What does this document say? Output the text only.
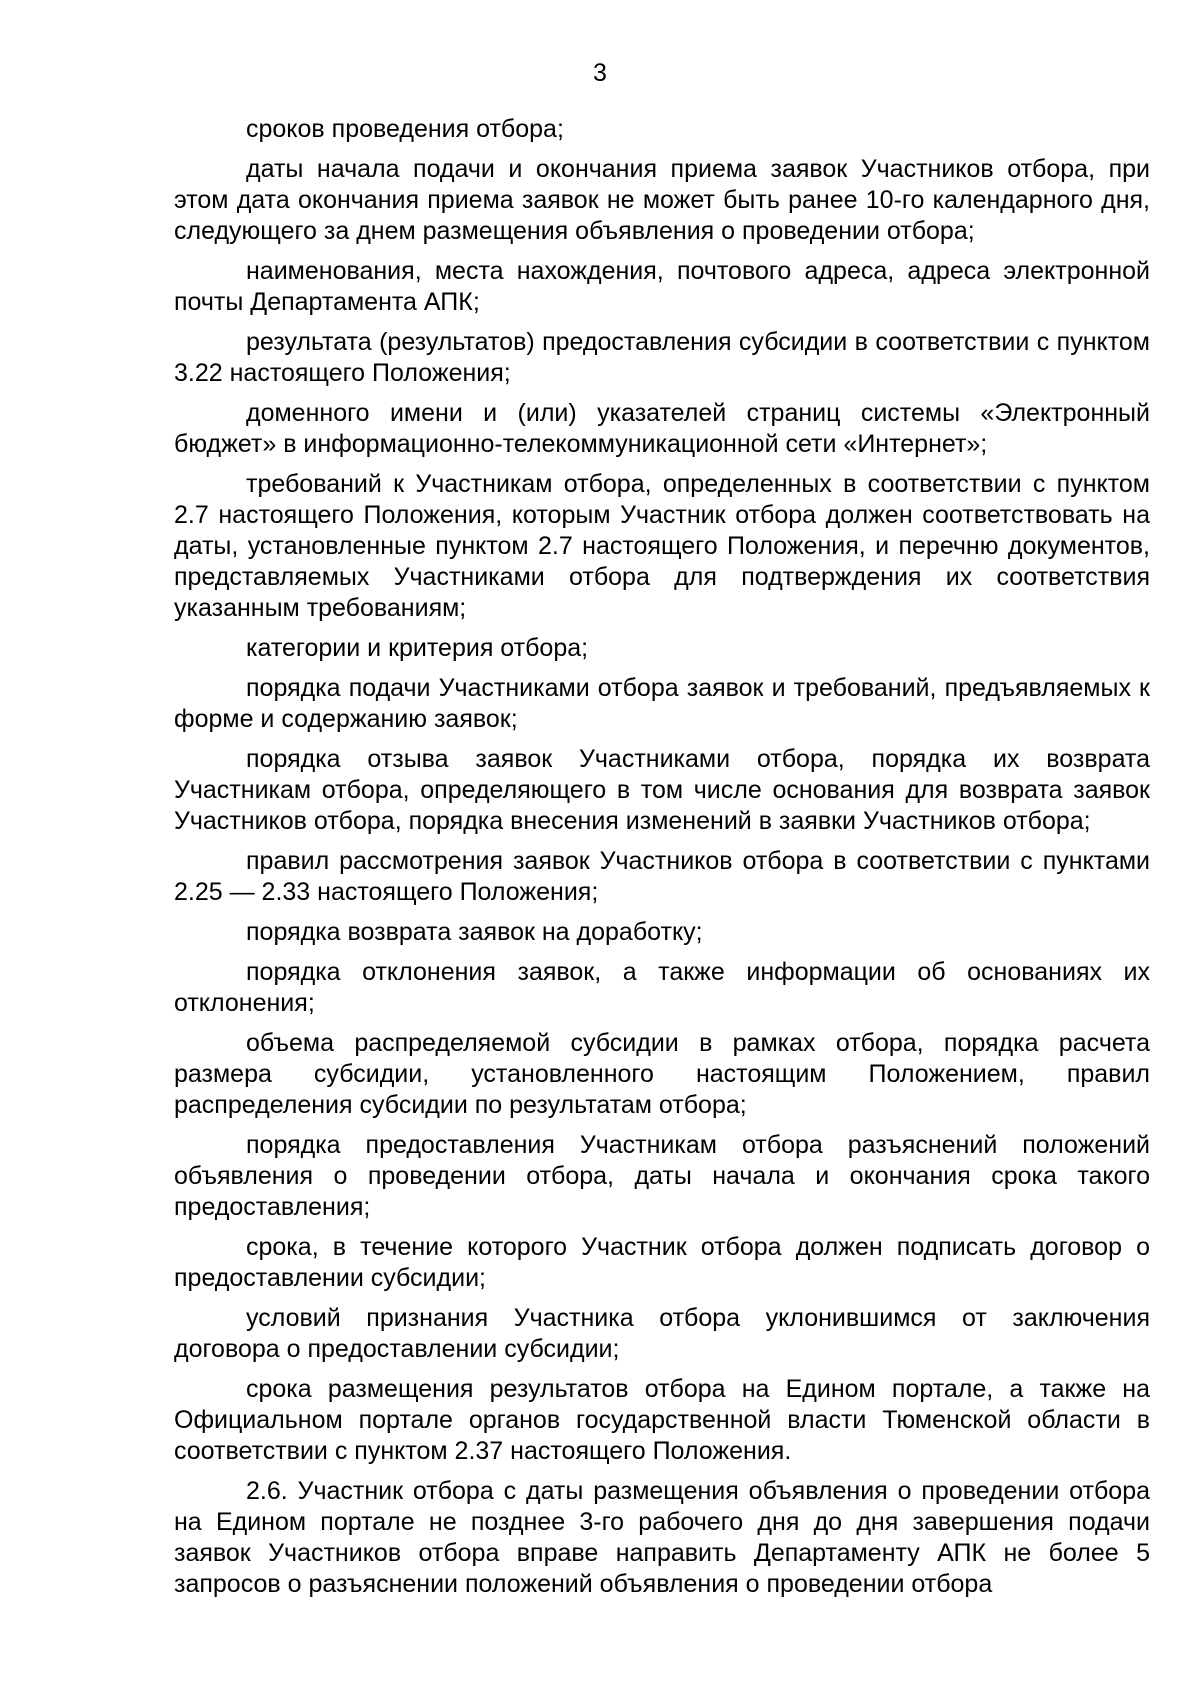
3

сроков проведения отбора;

даты начала подачи и окончания приема заявок Участников отбора, при этом дата окончания приема заявок не может быть ранее 10-го календарного дня, следующего за днем размещения объявления о проведении отбора;

наименования, места нахождения, почтового адреса, адреса электронной почты Департамента АПК;

результата (результатов) предоставления субсидии в соответствии с пунктом 3.22 настоящего Положения;

доменного имени и (или) указателей страниц системы «Электронный бюджет» в информационно-телекоммуникационной сети «Интернет»;

требований к Участникам отбора, определенных в соответствии с пунктом 2.7 настоящего Положения, которым Участник отбора должен соответствовать на даты, установленные пунктом 2.7 настоящего Положения, и перечню документов, представляемых Участниками отбора для подтверждения их соответствия указанным требованиям;

категории и критерия отбора;

порядка подачи Участниками отбора заявок и требований, предъявляемых к форме и содержанию заявок;

порядка отзыва заявок Участниками отбора, порядка их возврата Участникам отбора, определяющего в том числе основания для возврата заявок Участников отбора, порядка внесения изменений в заявки Участников отбора;

правил рассмотрения заявок Участников отбора в соответствии с пунктами 2.25 — 2.33 настоящего Положения;

порядка возврата заявок на доработку;

порядка отклонения заявок, а также информации об основаниях их отклонения;

объема распределяемой субсидии в рамках отбора, порядка расчета размера субсидии, установленного настоящим Положением, правил распределения субсидии по результатам отбора;

порядка предоставления Участникам отбора разъяснений положений объявления о проведении отбора, даты начала и окончания срока такого предоставления;

срока, в течение которого Участник отбора должен подписать договор о предоставлении субсидии;

условий признания Участника отбора уклонившимся от заключения договора о предоставлении субсидии;

срока размещения результатов отбора на Едином портале, а также на Официальном портале органов государственной власти Тюменской области в соответствии с пунктом 2.37 настоящего Положения.

2.6. Участник отбора с даты размещения объявления о проведении отбора на Едином портале не позднее 3-го рабочего дня до дня завершения подачи заявок Участников отбора вправе направить Департаменту АПК не более 5 запросов о разъяснении положений объявления о проведении отбора
